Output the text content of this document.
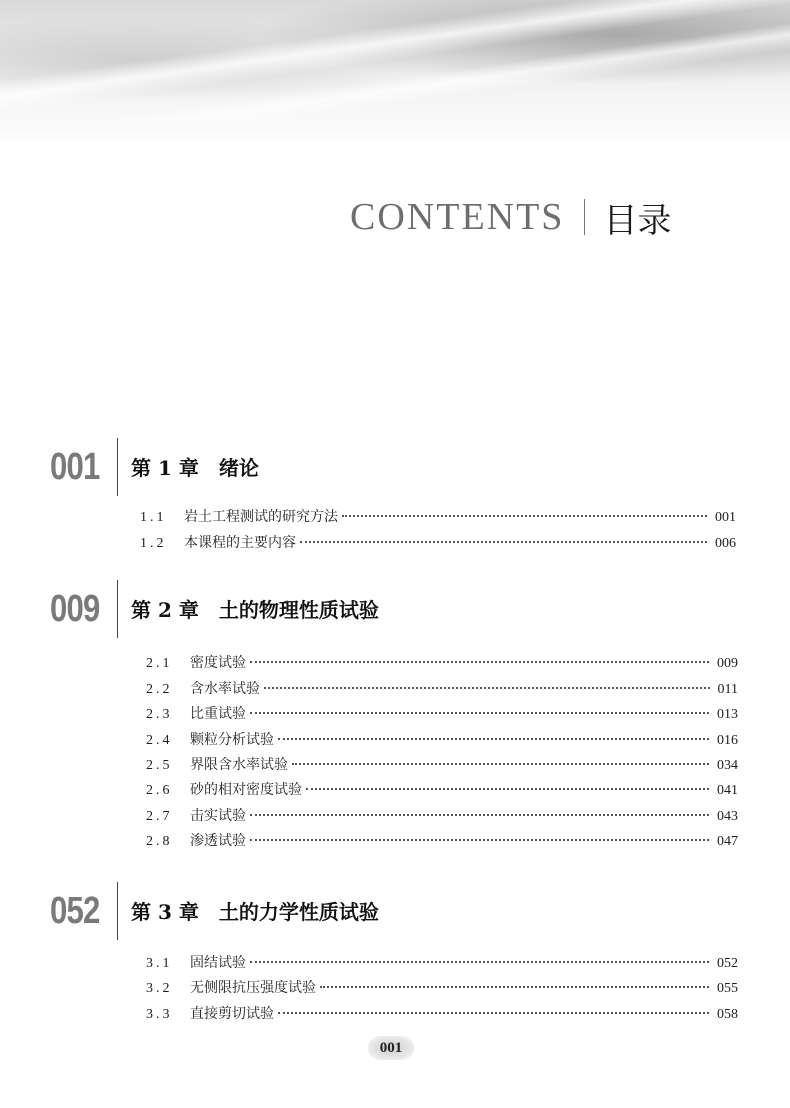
CONTENTS 目录
001 第 1 章　绪论
1.1	岩土工程测试的研究方法	001
1.2	本课程的主要内容	006
009 第 2 章　土的物理性质试验
2.1	密度试验	009
2.2	含水率试验	011
2.3	比重试验	013
2.4	颗粒分析试验	016
2.5	界限含水率试验	034
2.6	砂的相对密度试验	041
2.7	击实试验	043
2.8	渗透试验	047
052 第 3 章　土的力学性质试验
3.1	固结试验	052
3.2	无侧限抗压强度试验	055
3.3	直接剪切试验	058
001
